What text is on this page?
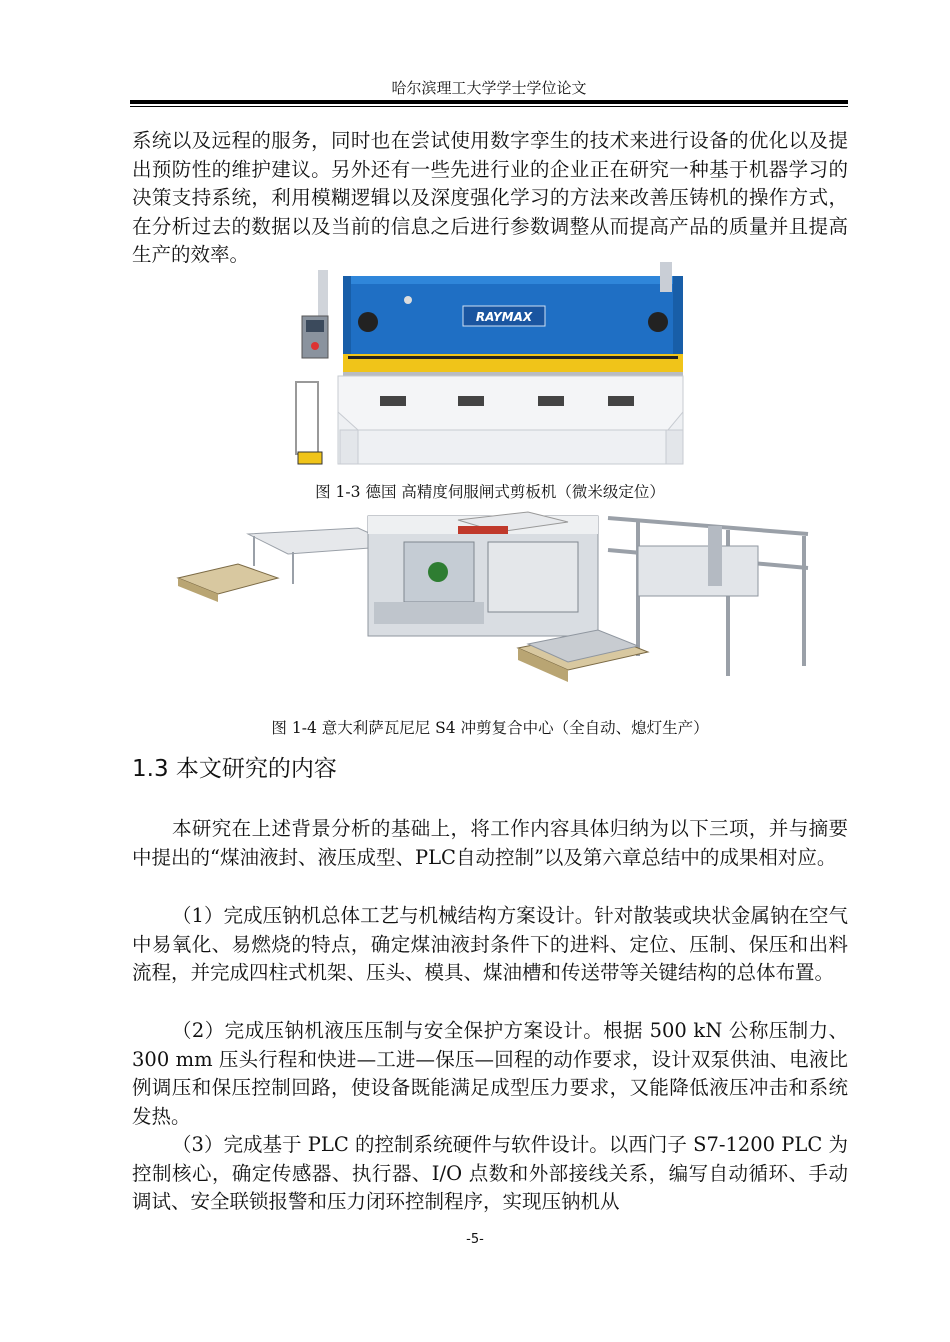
哈尔滨理工大学学士学位论文

系统以及远程的服务，同时也在尝试使用数字孪生的技术来进行设备的优化以及提出预防性的维护建议。另外还有一些先进行业的企业正在研究一种基于机器学习的决策支持系统，利用模糊逻辑以及深度强化学习的方法来改善压铸机的操作方式，在分析过去的数据以及当前的信息之后进行参数调整从而提高产品的质量并且提高生产的效率。

RAYMAX
图 1-3 德国 高精度伺服闸式剪板机（微米级定位）
图 1-4 意大利萨瓦尼尼 S4 冲剪复合中心（全自动、熄灯生产）
1.3 本文研究的内容

本研究在上述背景分析的基础上，将工作内容具体归纳为以下三项，并与摘要中提出的“煤油液封、液压成型、PLC自动控制”以及第六章总结中的成果相对应。

（1）完成压钠机总体工艺与机械结构方案设计。针对散装或块状金属钠在空气中易氧化、易燃烧的特点，确定煤油液封条件下的进料、定位、压制、保压和出料流程，并完成四柱式机架、压头、模具、煤油槽和传送带等关键结构的总体布置。

（2）完成压钠机液压压制与安全保护方案设计。根据 500 kN 公称压制力、300 mm 压头行程和快进—工进—保压—回程的动作要求，设计双泵供油、电液比例调压和保压控制回路，使设备既能满足成型压力要求，又能降低液压冲击和系统发热。

（3）完成基于 PLC 的控制系统硬件与软件设计。以西门子 S7-1200 PLC 为控制核心，确定传感器、执行器、I/O 点数和外部接线关系，编写自动循环、手动调试、安全联锁报警和压力闭环控制程序，实现压钠机从

-5-
